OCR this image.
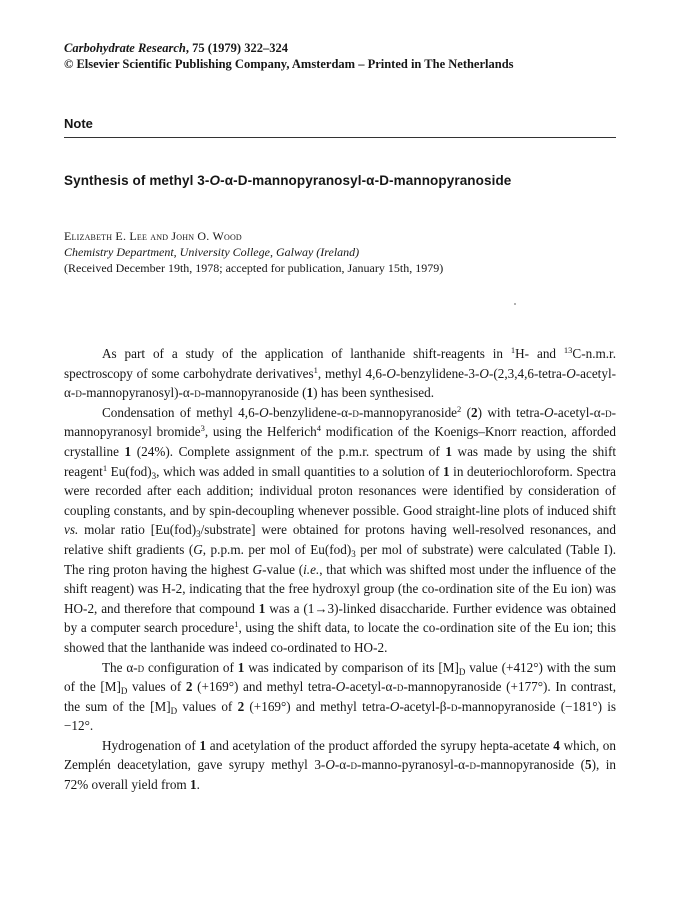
Carbohydrate Research, 75 (1979) 322–324
© Elsevier Scientific Publishing Company, Amsterdam – Printed in The Netherlands
Note
Synthesis of methyl 3-O-α-D-mannopyranosyl-α-D-mannopyranoside
Elizabeth E. Lee and John O. Wood
Chemistry Department, University College, Galway (Ireland)
(Received December 19th, 1978; accepted for publication, January 15th, 1979)

As part of a study of the application of lanthanide shift-reagents in $^1$H- and $^{13}$C-n.m.r. spectroscopy of some carbohydrate derivatives$^1$, methyl 4,6-O-benzylidene-3-O-(2,3,4,6-tetra-O-acetyl-α-d-mannopyranosyl)-α-d-mannopyranoside (1) has been synthesised.

Condensation of methyl 4,6-O-benzylidene-α-d-mannopyranoside$^2$ (2) with tetra-O-acetyl-α-d-mannopyranosyl bromide$^3$, using the Helferich$^4$ modification of the Koenigs–Knorr reaction, afforded crystalline 1 (24%). Complete assignment of the p.m.r. spectrum of 1 was made by using the shift reagent$^1$ $Eu(fod)_3$, which was added in small quantities to a solution of 1 in deuteriochloroform. Spectra were recorded after each addition; individual proton resonances were identified by consideration of coupling constants, and by spin-decoupling whenever possible. Good straight-line plots of induced shift vs. molar ratio $[Eu(fod)_3/substrate]$ were obtained for protons having well-resolved resonances, and relative shift gradients (G, p.p.m. per mol of $Eu(fod)_3$ per mol of substrate) were calculated (Table I). The ring proton having the highest G-value (i.e., that which was shifted most under the influence of the shift reagent) was H-2, indicating that the free hydroxyl group (the co-ordination site of the Eu ion) was HO-2, and therefore that compound 1 was a (1→3)-linked disaccharide. Further evidence was obtained by a computer search procedure$^1$, using the shift data, to locate the co-ordination site of the Eu ion; this showed that the lanthanide was indeed co-ordinated to HO-2.

The α-d configuration of 1 was indicated by comparison of its $[M]_D$ value (+412°) with the sum of the $[M]_D$ values of 2 (+169°) and methyl tetra-O-acetyl-α-d-mannopyranoside (+177°). In contrast, the sum of the $[M]_D$ values of 2 (+169°) and methyl tetra-O-acetyl-β-d-mannopyranoside (−181°) is −12°.

Hydrogenation of 1 and acetylation of the product afforded the syrupy hepta-acetate 4 which, on Zemplén deacetylation, gave syrupy methyl 3-O-α-d-manno-pyranosyl-α-d-mannopyranoside (5), in 72% overall yield from 1.
